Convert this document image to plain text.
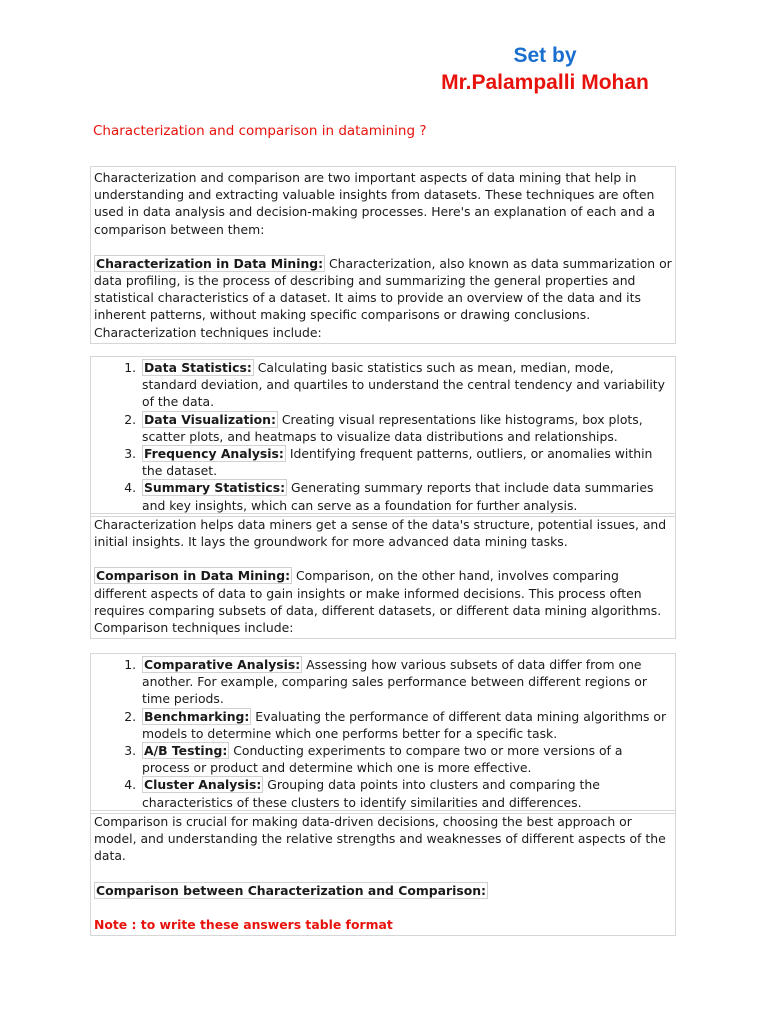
Set by
Mr.Palampalli Mohan
Characterization and comparison in datamining ?

Characterization and comparison are two important aspects of data mining that help in understanding and extracting valuable insights from datasets. These techniques are often used in data analysis and decision-making processes. Here's an explanation of each and a comparison between them:

Characterization in Data Mining: Characterization, also known as data summarization or data profiling, is the process of describing and summarizing the general properties and statistical characteristics of a dataset. It aims to provide an overview of the data and its inherent patterns, without making specific comparisons or drawing conclusions. Characterization techniques include:

1. Data Statistics: Calculating basic statistics such as mean, median, mode, standard deviation, and quartiles to understand the central tendency and variability of the data.
2. Data Visualization: Creating visual representations like histograms, box plots, scatter plots, and heatmaps to visualize data distributions and relationships.
3. Frequency Analysis: Identifying frequent patterns, outliers, or anomalies within the dataset.
4. Summary Statistics: Generating summary reports that include data summaries and key insights, which can serve as a foundation for further analysis.

Characterization helps data miners get a sense of the data's structure, potential issues, and initial insights. It lays the groundwork for more advanced data mining tasks.

Comparison in Data Mining: Comparison, on the other hand, involves comparing different aspects of data to gain insights or make informed decisions. This process often requires comparing subsets of data, different datasets, or different data mining algorithms. Comparison techniques include:

1. Comparative Analysis: Assessing how various subsets of data differ from one another. For example, comparing sales performance between different regions or time periods.
2. Benchmarking: Evaluating the performance of different data mining algorithms or models to determine which one performs better for a specific task.
3. A/B Testing: Conducting experiments to compare two or more versions of a process or product and determine which one is more effective.
4. Cluster Analysis: Grouping data points into clusters and comparing the characteristics of these clusters to identify similarities and differences.

Comparison is crucial for making data-driven decisions, choosing the best approach or model, and understanding the relative strengths and weaknesses of different aspects of the data.

Comparison between Characterization and Comparison:

Note : to write these answers table format
